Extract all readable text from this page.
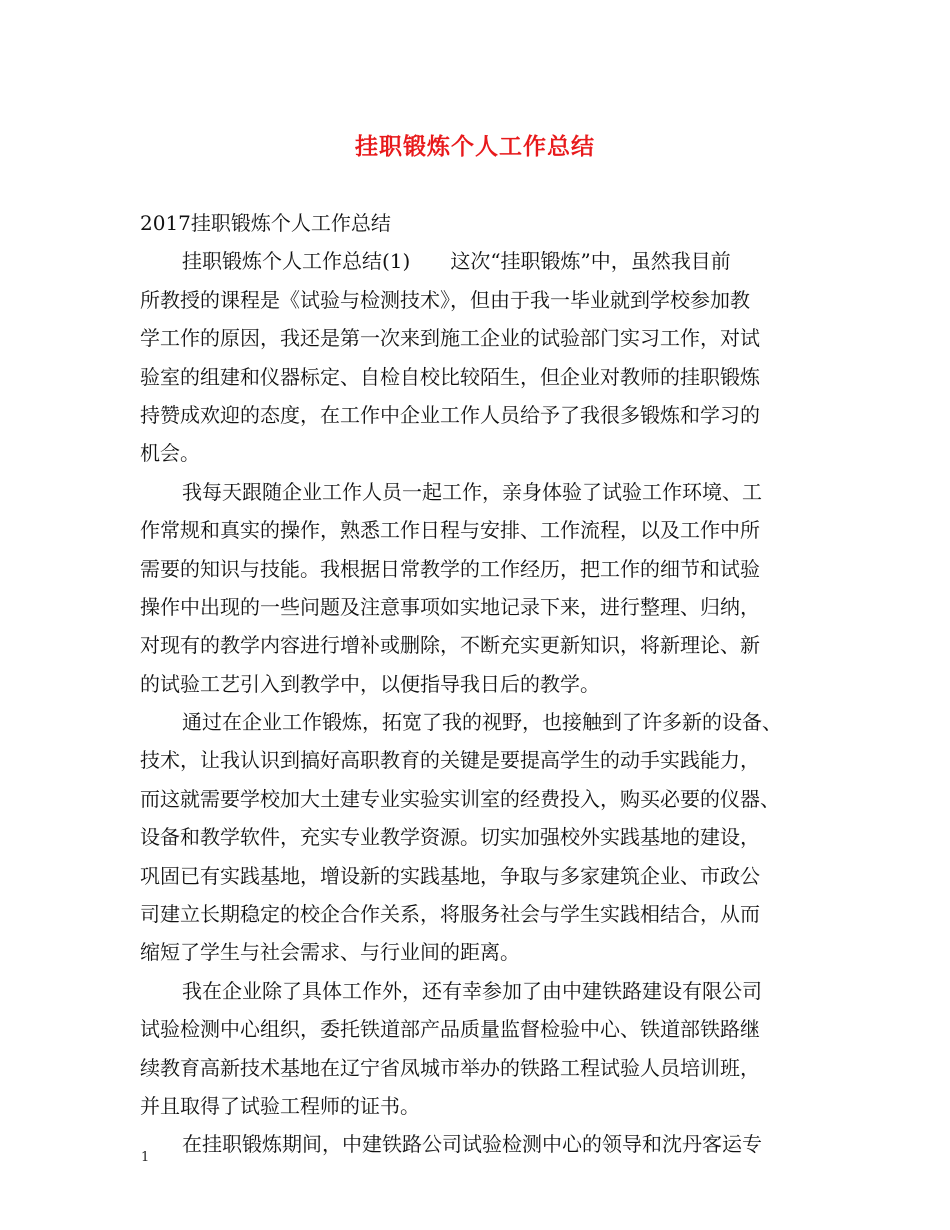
挂职锻炼个人工作总结
2017挂职锻炼个人工作总结
挂职锻炼个人工作总结(1)　　这次“挂职锻炼”中，虽然我目前
所教授的课程是《试验与检测技术》，但由于我一毕业就到学校参加教
学工作的原因，我还是第一次来到施工企业的试验部门实习工作，对试
验室的组建和仪器标定、自检自校比较陌生，但企业对教师的挂职锻炼
持赞成欢迎的态度，在工作中企业工作人员给予了我很多锻炼和学习的
机会。
我每天跟随企业工作人员一起工作，亲身体验了试验工作环境、工
作常规和真实的操作，熟悉工作日程与安排、工作流程，以及工作中所
需要的知识与技能。我根据日常教学的工作经历，把工作的细节和试验
操作中出现的一些问题及注意事项如实地记录下来，进行整理、归纳，
对现有的教学内容进行增补或删除，不断充实更新知识，将新理论、新
的试验工艺引入到教学中，以便指导我日后的教学。
通过在企业工作锻炼，拓宽了我的视野，也接触到了许多新的设备、
技术，让我认识到搞好高职教育的关键是要提高学生的动手实践能力，
而这就需要学校加大土建专业实验实训室的经费投入，购买必要的仪器、
设备和教学软件，充实专业教学资源。切实加强校外实践基地的建设，
巩固已有实践基地，增设新的实践基地，争取与多家建筑企业、市政公
司建立长期稳定的校企合作关系，将服务社会与学生实践相结合，从而
缩短了学生与社会需求、与行业间的距离。
我在企业除了具体工作外，还有幸参加了由中建铁路建设有限公司
试验检测中心组织，委托铁道部产品质量监督检验中心、铁道部铁路继
续教育高新技术基地在辽宁省凤城市举办的铁路工程试验人员培训班，
并且取得了试验工程师的证书。
在挂职锻炼期间，中建铁路公司试验检测中心的领导和沈丹客运专
1
